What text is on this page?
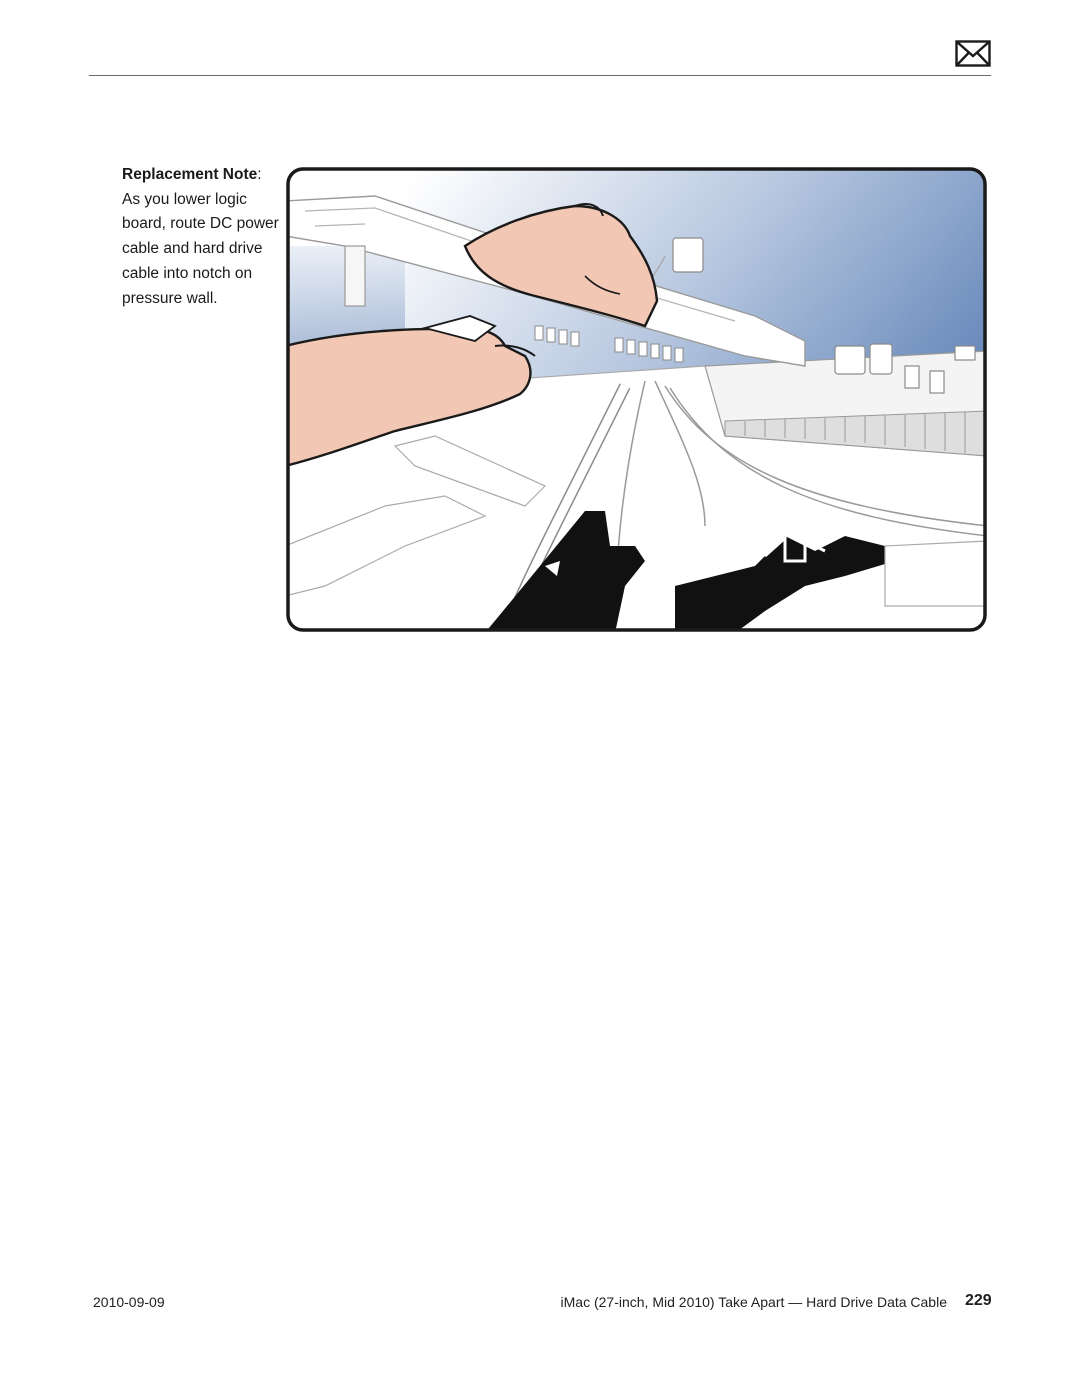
Replacement Note:
As you lower logic board, route DC power cable and hard drive cable into notch on pressure wall.
2010-09-09	iMac (27-inch, Mid 2010) Take Apart — Hard Drive Data Cable 229
